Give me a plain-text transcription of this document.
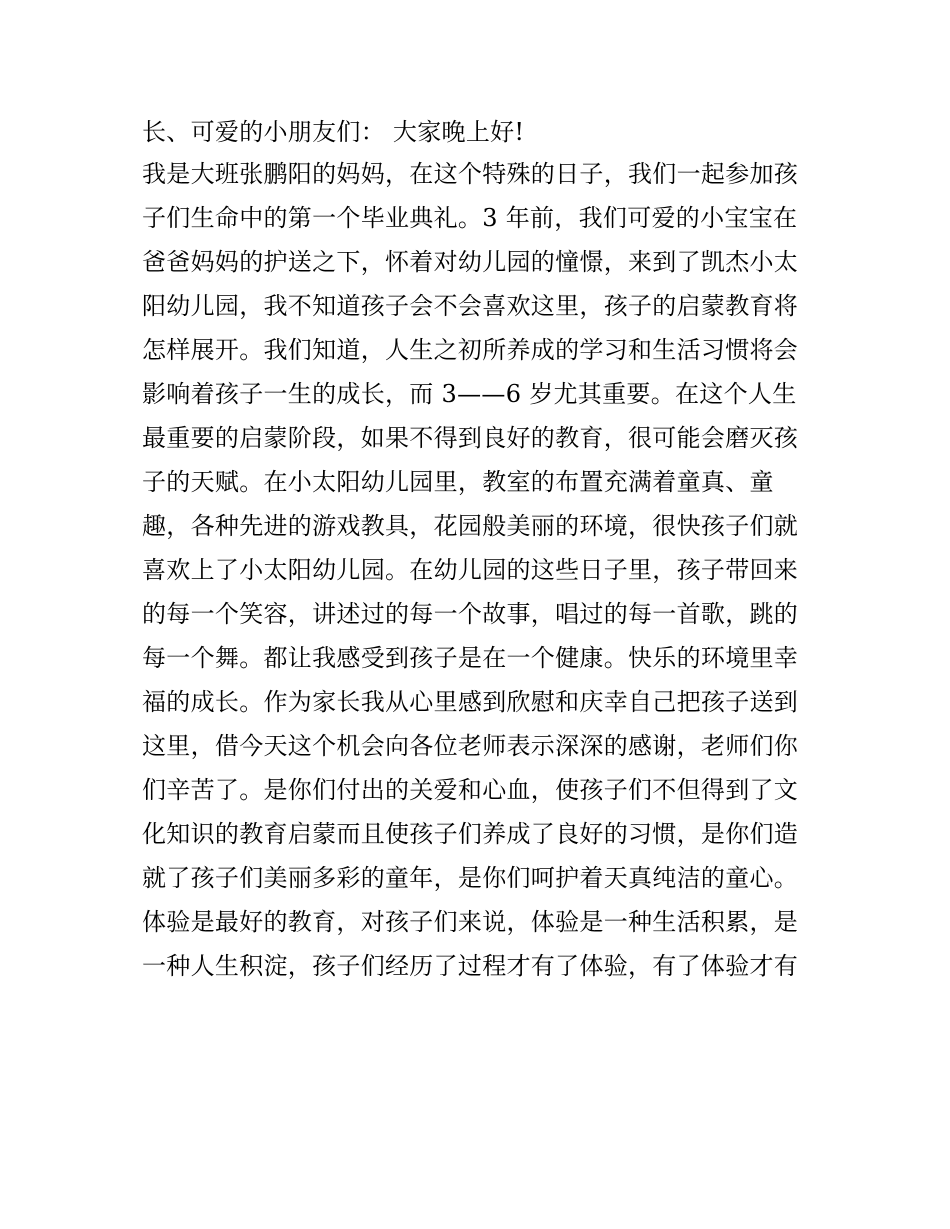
长、可爱的小朋友们： 大家晚上好!
我是大班张鹏阳的妈妈，在这个特殊的日子，我们一起参加孩
子们生命中的第一个毕业典礼。3 年前，我们可爱的小宝宝在
爸爸妈妈的护送之下，怀着对幼儿园的憧憬，来到了凯杰小太
阳幼儿园，我不知道孩子会不会喜欢这里，孩子的启蒙教育将
怎样展开。我们知道，人生之初所养成的学习和生活习惯将会
影响着孩子一生的成长，而 3——6 岁尤其重要。在这个人生
最重要的启蒙阶段，如果不得到良好的教育，很可能会磨灭孩
子的天赋。在小太阳幼儿园里，教室的布置充满着童真、童
趣，各种先进的游戏教具，花园般美丽的环境，很快孩子们就
喜欢上了小太阳幼儿园。在幼儿园的这些日子里，孩子带回来
的每一个笑容，讲述过的每一个故事，唱过的每一首歌，跳的
每一个舞。都让我感受到孩子是在一个健康。快乐的环境里幸
福的成长。作为家长我从心里感到欣慰和庆幸自己把孩子送到
这里，借今天这个机会向各位老师表示深深的感谢，老师们你
们辛苦了。是你们付出的关爱和心血，使孩子们不但得到了文
化知识的教育启蒙而且使孩子们养成了良好的习惯，是你们造
就了孩子们美丽多彩的童年，是你们呵护着天真纯洁的童心。
体验是最好的教育，对孩子们来说，体验是一种生活积累，是
一种人生积淀，孩子们经历了过程才有了体验，有了体验才有
